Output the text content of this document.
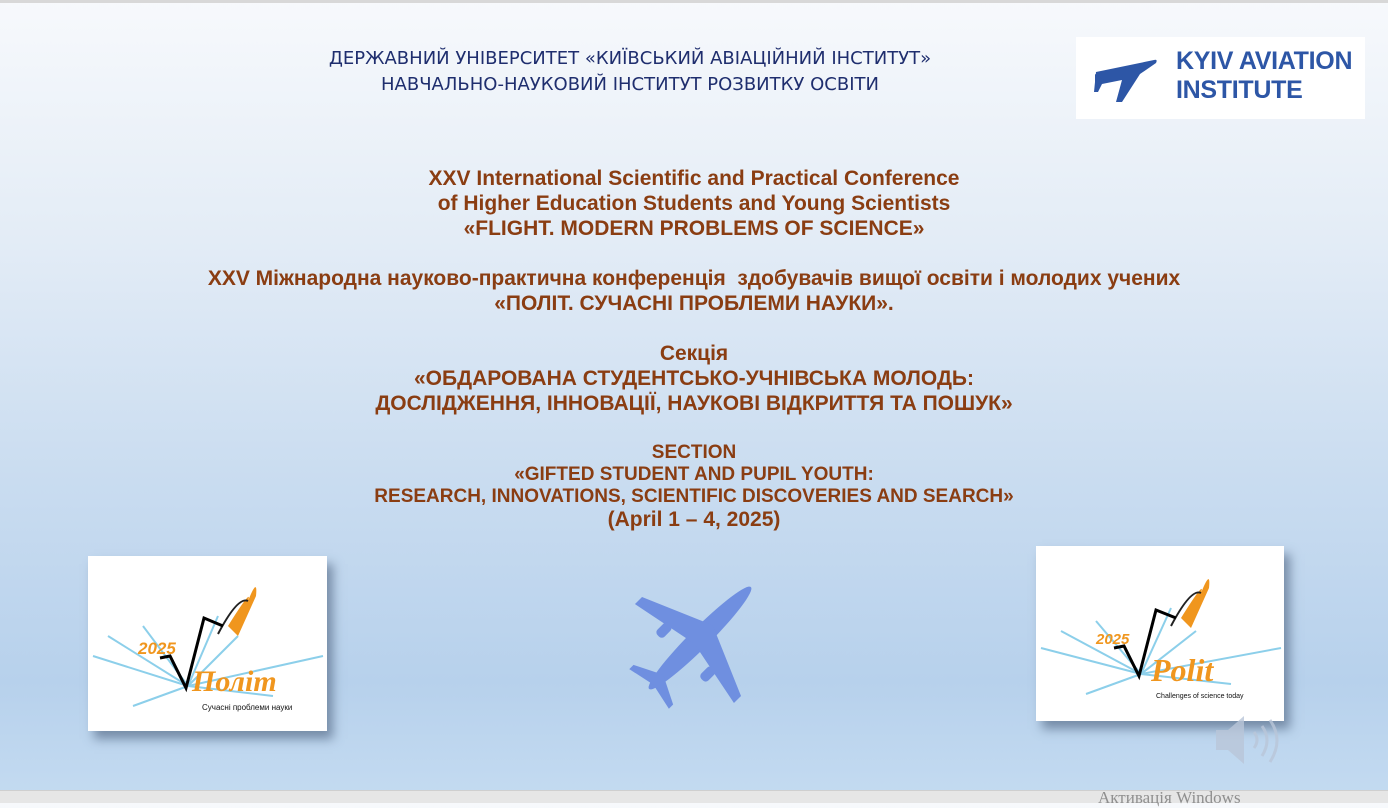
ДЕРЖАВНИЙ УНІВЕРСИТЕТ «КИЇВСЬКИЙ АВІАЦІЙНИЙ ІНСТИТУТ»
НАВЧАЛЬНО-НАУКОВИЙ ІНСТИТУТ РОЗВИТКУ ОСВІТИ
KYIV AVIATION
INSTITUTE
XXV International Scientific and Practical Conference
of Higher Education Students and Young Scientists
«FLIGHT. MODERN PROBLEMS OF SCIENCE»
XXV Міжнародна науково-практична конференція  здобувачів вищої освіти і молодих учених
«ПОЛІТ. СУЧАСНІ ПРОБЛЕМИ НАУКИ».
Секція
«ОБДАРОВАНА СТУДЕНТСЬКО-УЧНІВСЬКА МОЛОДЬ:
ДОСЛІДЖЕННЯ, ІННОВАЦІЇ, НАУКОВІ ВІДКРИТТЯ ТА ПОШУК»
SECTION
«GIFTED STUDENT AND PUPIL YOUTH:
RESEARCH, INNOVATIONS, SCIENTIFIC DISCOVERIES AND SEARCH»
(April 1 – 4, 2025)
2025
Політ
Сучасні проблеми науки
2025
Polit
Challenges of science today
Активація Windows
